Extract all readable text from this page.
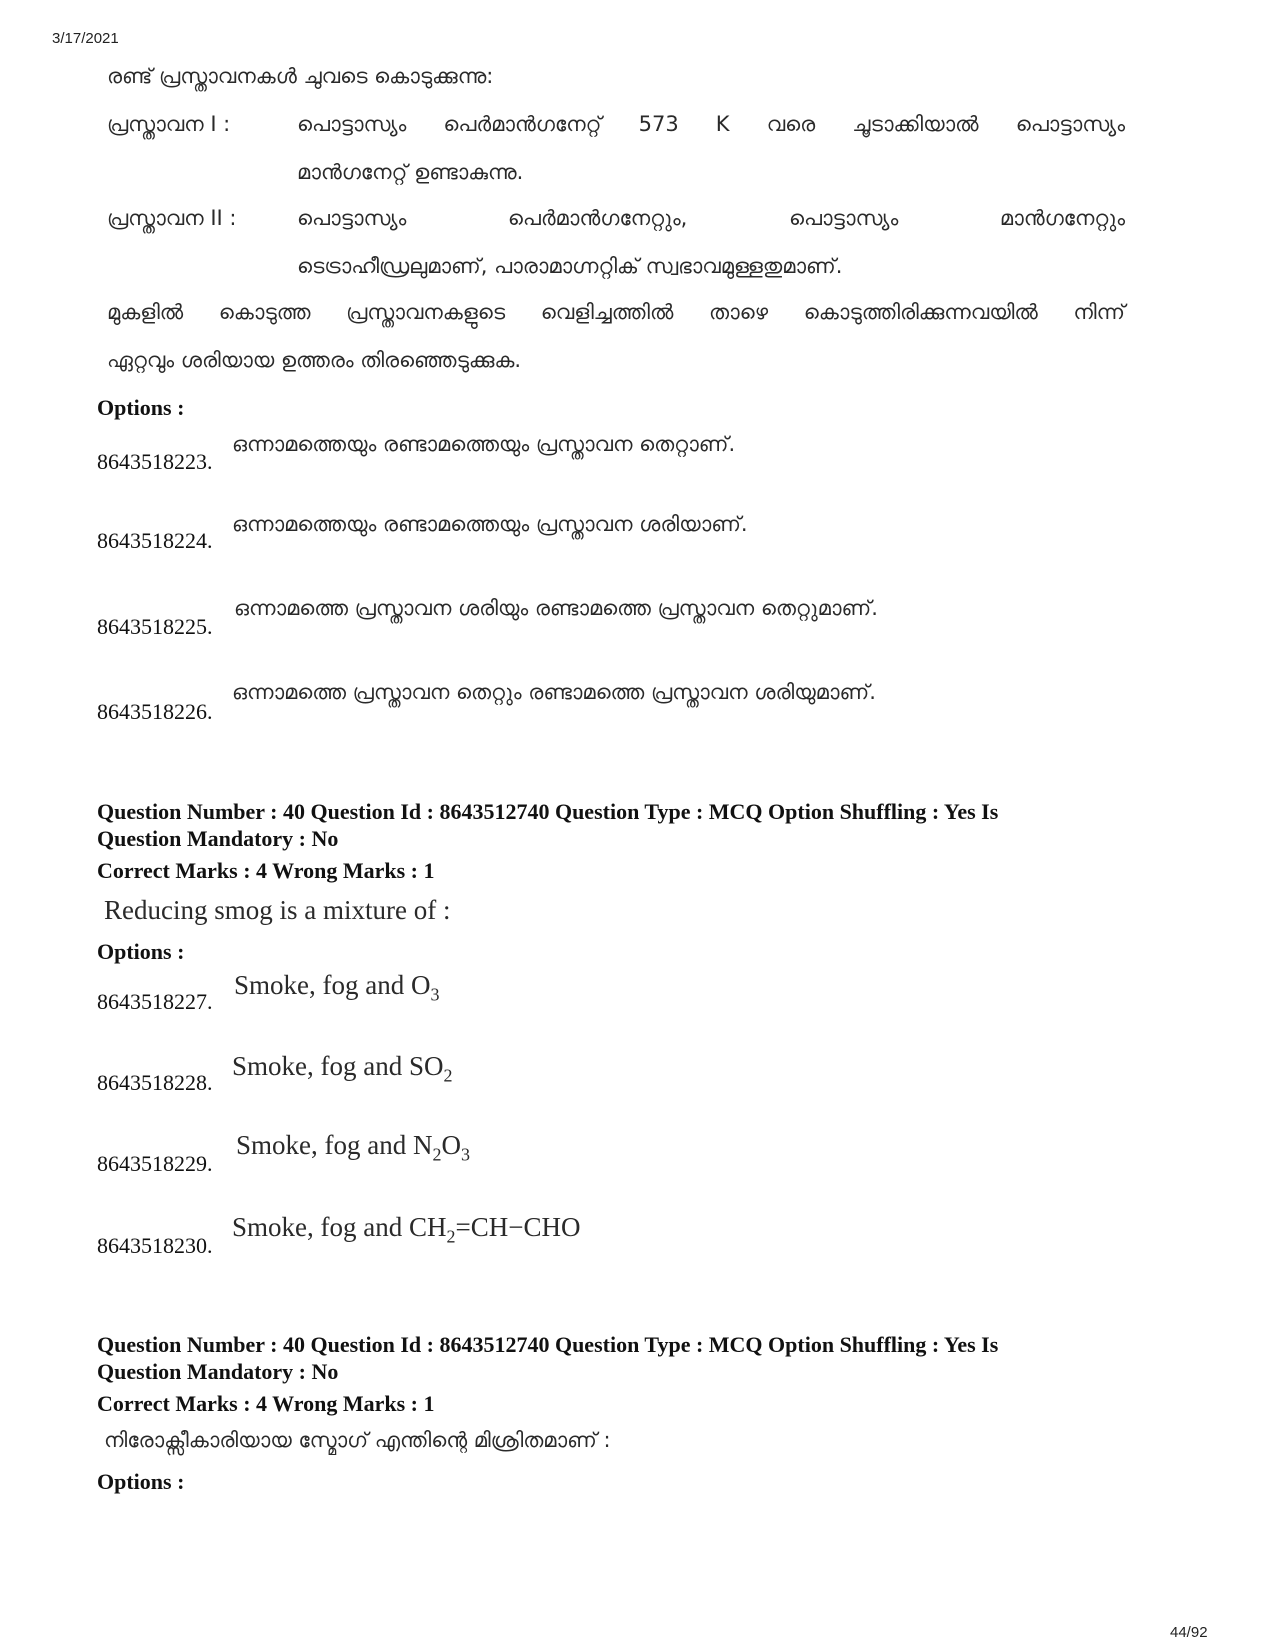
3/17/2021
രണ്ട് പ്രസ്താവനകൾ ചുവടെ കൊടുക്കുന്നു:
പ്രസ്താവന I :	പൊട്ടാസ്യം പെർമാൻഗനേറ്റ് 573 K വരെ ചൂടാക്കിയാൽ പൊട്ടാസ്യം
മാൻഗനേറ്റ് ഉണ്ടാകുന്നു.
പ്രസ്താവന II :	പൊട്ടാസ്യം പെർമാൻഗനേറ്റും, പൊട്ടാസ്യം മാൻഗനേറ്റും
ടെട്രാഹീഡ്രലുമാണ്, പാരാമാഗ്നറ്റിക് സ്വഭാവമുള്ളതുമാണ്.
മുകളിൽ കൊടുത്ത പ്രസ്താവനകളുടെ വെളിച്ചത്തിൽ താഴെ കൊടുത്തിരിക്കുന്നവയിൽ നിന്ന്
ഏറ്റവും ശരിയായ ഉത്തരം തിരഞ്ഞെടുക്കുക.
Options :
8643518223.
ഒന്നാമത്തെയും രണ്ടാമത്തെയും പ്രസ്താവന തെറ്റാണ്.
8643518224.
ഒന്നാമത്തെയും രണ്ടാമത്തെയും പ്രസ്താവന ശരിയാണ്.
8643518225.
ഒന്നാമത്തെ പ്രസ്താവന ശരിയും രണ്ടാമത്തെ പ്രസ്താവന തെറ്റുമാണ്.
8643518226.
ഒന്നാമത്തെ പ്രസ്താവന തെറ്റും രണ്ടാമത്തെ പ്രസ്താവന ശരിയുമാണ്.
Question Number : 40 Question Id : 8643512740 Question Type : MCQ Option Shuffling : Yes Is
Question Mandatory : No
Correct Marks : 4 Wrong Marks : 1
Reducing smog is a mixture of :
Options :
8643518227.
Smoke, fog and $O_3$
8643518228.
Smoke, fog and $SO_2$
8643518229.
Smoke, fog and $N_2O_3$
8643518230.
Smoke, fog and $CH_2=CH-CHO$
Question Number : 40 Question Id : 8643512740 Question Type : MCQ Option Shuffling : Yes Is
Question Mandatory : No
Correct Marks : 4 Wrong Marks : 1
നിരോക്സീകാരിയായ സ്മോഗ് എന്തിന്റെ മിശ്രിതമാണ് :
Options :
44/92
